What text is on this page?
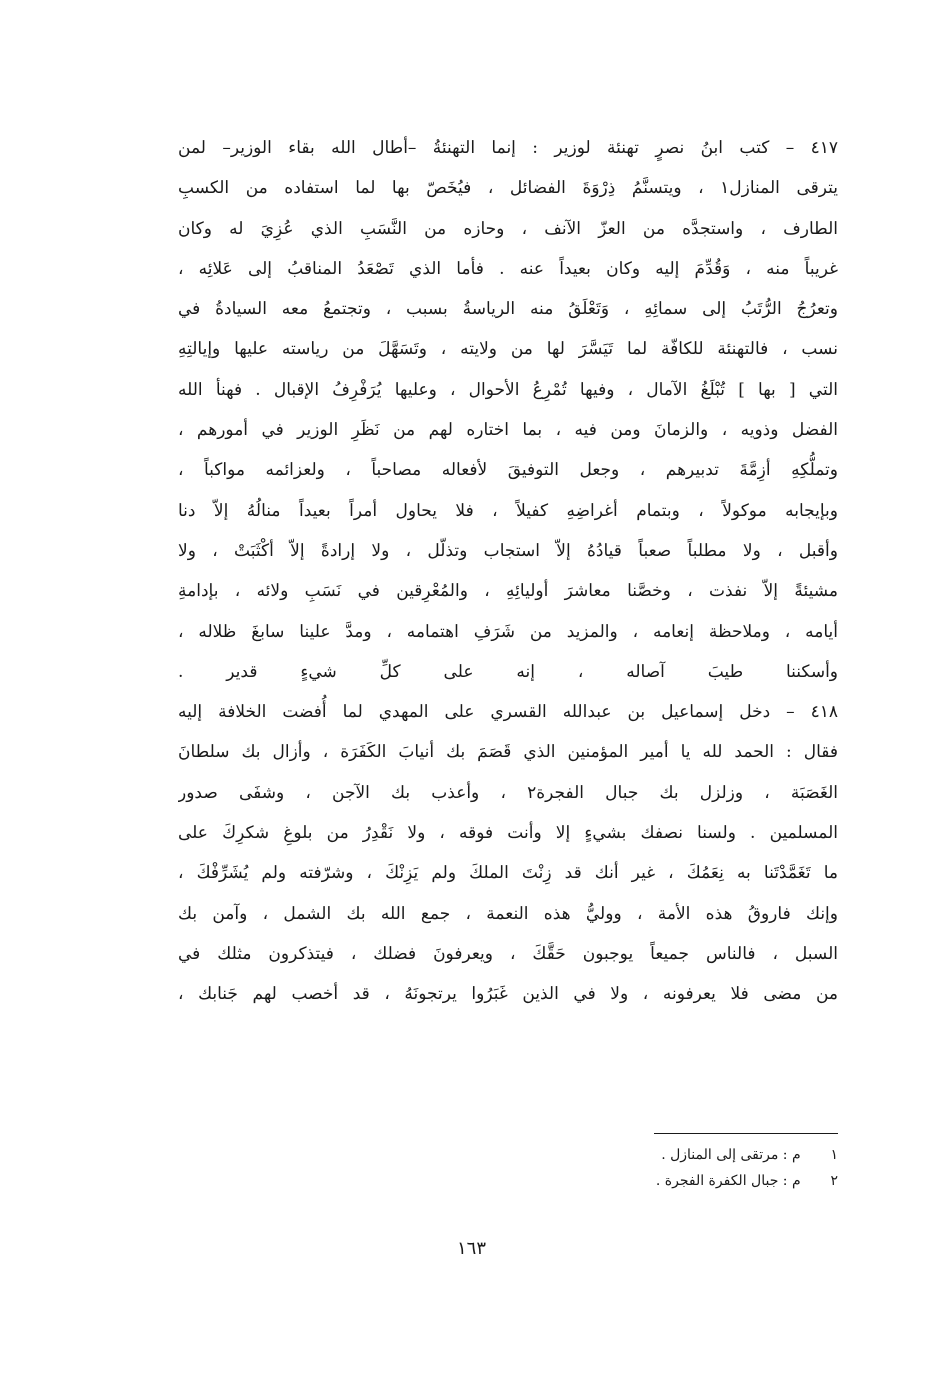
٤١٧ – كتب ابنُ نصرٍ تهنئة لوزير : إنما التهنئةُ –أطال الله بقاء الوزير– لمن
يترقى المنازل١ ، ويتسنَّمُ ذِرْوَةَ الفضائل ، فيُخَصّ بها لما استفاده من الكسبِ
الطارف ، واستجدَّه من العزّ الآنف ، وحازه من النَّسَبِ الذي عُزِيَ له وكان
غريباً منه ، وَقُدِّمَ إليه وكان بعيداً عنه . فأما الذي تَصْعَدُ المناقبُ إلى عَلائِه ،
وتعرُجُ الرُّتَبُ إلى سمائِهِ ، وَتَعْلَقُ منه الرياسةُ بسبب ، وتجتمعُ معه السيادةُ في
نسب ، فالتهنئة للكافّة لما تَيَسَّرَ لها من ولايته ، وتَسَهَّلَ من رياسته عليها وإيالتِهِ
التي [ بها ] تُبْلَغُ الآمال ، وفيها تُمْرِعُ الأحوال ، وعليها يُرَفْرِفُ الإقبال . فهنأ الله
الفضل وذويه ، والزمانَ ومن فيه ، بما اختاره لهم من نَظَرِ الوزير في أمورهم ،
وتملُّكِهِ أزِمَّةَ تدبيرهم ، وجعل التوفيقَ لأفعاله مصاحباً ، ولعزائمه مواكباً ،
وبإيجابه موكولاً ، وبتمام أغراضِهِ كفيلاً ، فلا يحاول أمراً بعيداً منالُهُ إلاّ دنا
وأقبل ، ولا مطلباً صعباً قيادُهُ إلاّ استجاب وتذلّل ، ولا إرادةً إلاّ أكْثَبَتْ ، ولا
مشيئةً إلاّ نفذت ، وخصَّنا معاشرَ أوليائِهِ ، والمُعْرِقين في نَسَبِ ولائه ، بإدامةِ
أيامه ، وملاحظة إنعامه ، والمزيد من شَرَفِ اهتمامه ، ومدَّ علينا سابغَ ظلاله ،
وأسكننا طيبَ آصاله ، إنه على كلِّ شيءٍ قدير .
٤١٨ – دخل إسماعيل بن عبدالله القسري على المهدي لما أُفضت الخلافة إليه
فقال : الحمد لله يا أمير المؤمنين الذي قَصَمَ بك أنيابَ الكَفَرَة ، وأزال بك سلطانَ
الغَصَبَة ، وزلزل بك جبال الفجرة٢ ، وأعذب بك الآجن ، وشفَى صدور
المسلمين . ولسنا نصفك بشيءٍ إلا وأنت فوقه ، ولا نَقْدِرُ من بلوغِ شكرِكَ على
ما تَغَمَّدْتَنا به نِعَمُكَ ، غير أنك قد زِنْتَ الملكَ ولم يَزِنْكَ ، وشرّفته ولم يُشَرِّفْكَ ،
وإنك فاروقُ هذه الأمة ، ووليُّ هذه النعمة ، جمع الله بك الشمل ، وآمن بك
السبل ، فالناس جميعاً يوجبون حَقَّكَ ، ويعرفونَ فضلك ، فيتذكرون مثلك في
من مضى فلا يعرفونه ، ولا في الذين غَبَرُوا يرتجونَهُ ، قد أخصب لهم جَنابك ،
١   م : مرتقى إلى المنازل .
٢   م : جبال الكفرة الفجرة .
١٦٣
